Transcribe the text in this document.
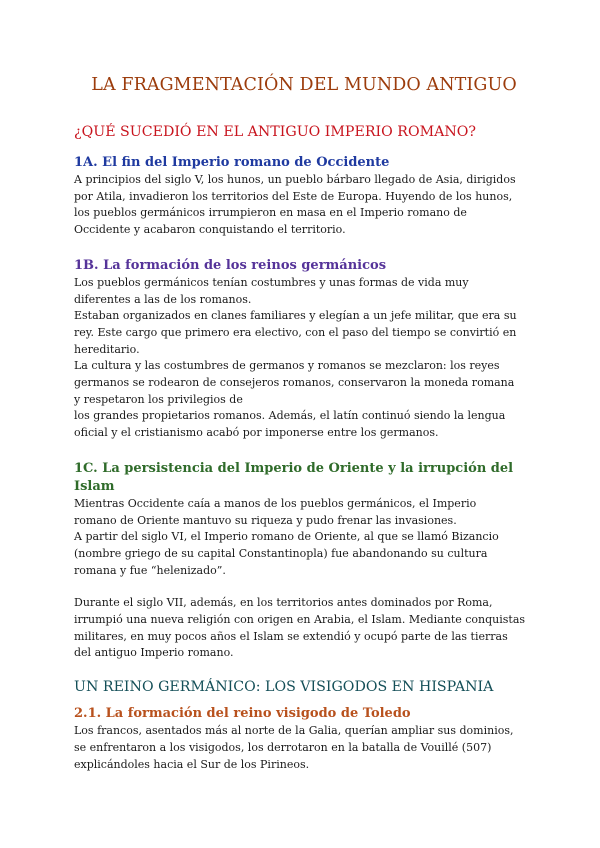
LA FRAGMENTACIÓN DEL MUNDO ANTIGUO
¿QUÉ SUCEDIÓ EN EL ANTIGUO IMPERIO ROMANO?
1A. El fin del Imperio romano de Occidente
A principios del siglo V, los hunos, un pueblo bárbaro llegado de Asia, dirigidos
por Atila, invadieron los territorios del Este de Europa. Huyendo de los hunos,
los pueblos germánicos irrumpieron en masa en el Imperio romano de
Occidente y acabaron conquistando el territorio.
1B. La formación de los reinos germánicos
Los pueblos germánicos tenían costumbres y unas formas de vida muy
diferentes a las de los romanos.
Estaban organizados en clanes familiares y elegían a un jefe militar, que era su
rey. Este cargo que primero era electivo, con el paso del tiempo se convirtió en
hereditario.
La cultura y las costumbres de germanos y romanos se mezclaron: los reyes
germanos se rodearon de consejeros romanos, conservaron la moneda romana
y respetaron los privilegios de
los grandes propietarios romanos. Además, el latín continuó siendo la lengua
oficial y el cristianismo acabó por imponerse entre los germanos.
1C. La persistencia del Imperio de Oriente y la irrupción del Islam
Mientras Occidente caía a manos de los pueblos germánicos, el Imperio
romano de Oriente mantuvo su riqueza y pudo frenar las invasiones.
A partir del siglo VI, el Imperio romano de Oriente, al que se llamó Bizancio
(nombre griego de su capital Constantinopla) fue abandonando su cultura
romana y fue “helenizado”.
Durante el siglo VII, además, en los territorios antes dominados por Roma,
irrumpió una nueva religión con origen en Arabia, el Islam. Mediante conquistas
militares, en muy pocos años el Islam se extendió y ocupó parte de las tierras
del antiguo Imperio romano.
UN REINO GERMÁNICO: LOS VISIGODOS EN HISPANIA
2.1. La formación del reino visigodo de Toledo
Los francos, asentados más al norte de la Galia, querían ampliar sus dominios,
se enfrentaron a los visigodos, los derrotaron en la batalla de Vouillé (507)
explicándoles hacia el Sur de los Pirineos.
